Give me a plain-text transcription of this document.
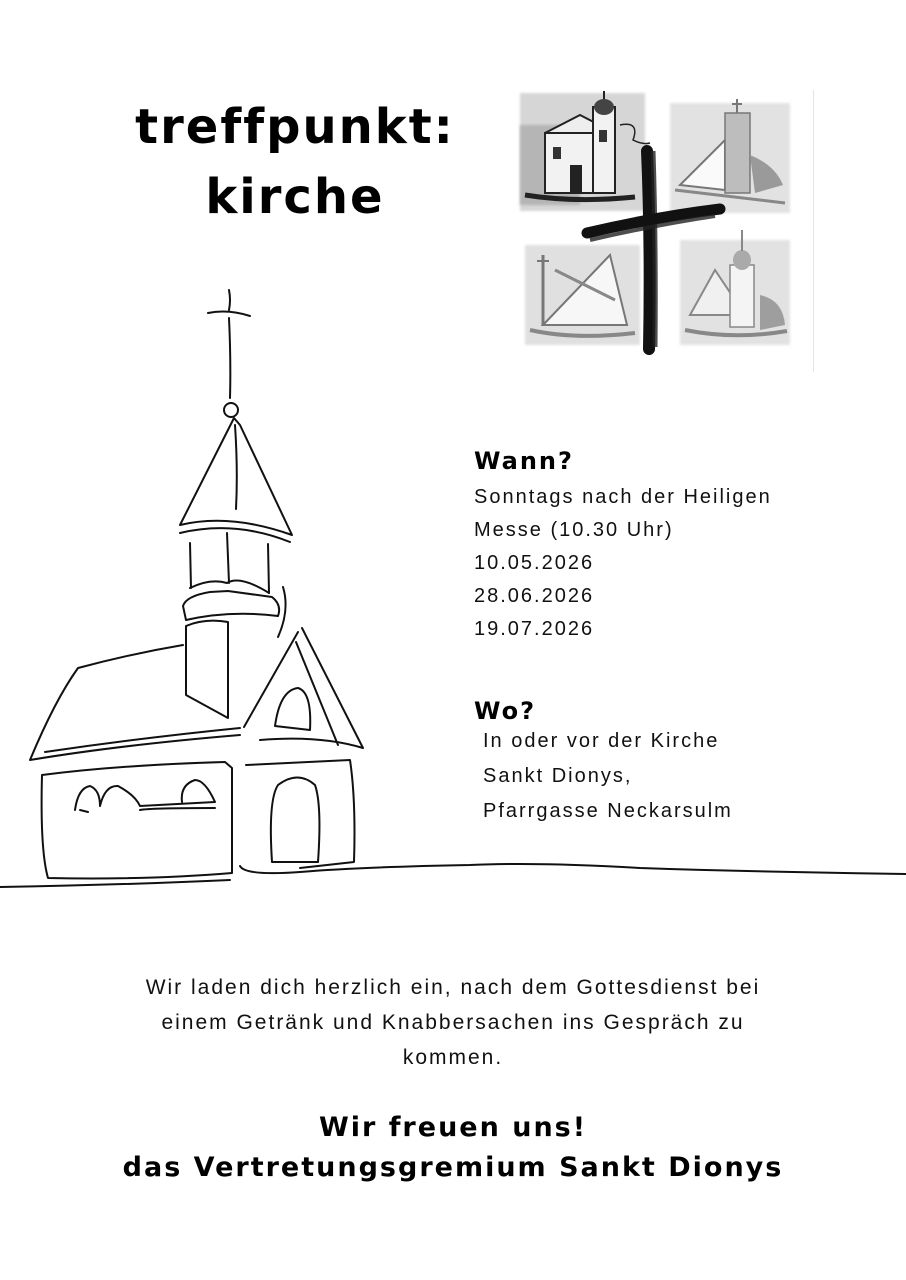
treffpunkt:
kirche
Wann?
Sonntags nach der Heiligen
Messe (10.30 Uhr)
10.05.2026
28.06.2026
19.07.2026
Wo?
In oder vor der Kirche
Sankt Dionys,
Pfarrgasse Neckarsulm
Wir laden dich herzlich ein, nach dem Gottesdienst bei
einem Getränk und Knabbersachen ins Gespräch zu
kommen.
Wir freuen uns!
das Vertretungsgremium Sankt Dionys
